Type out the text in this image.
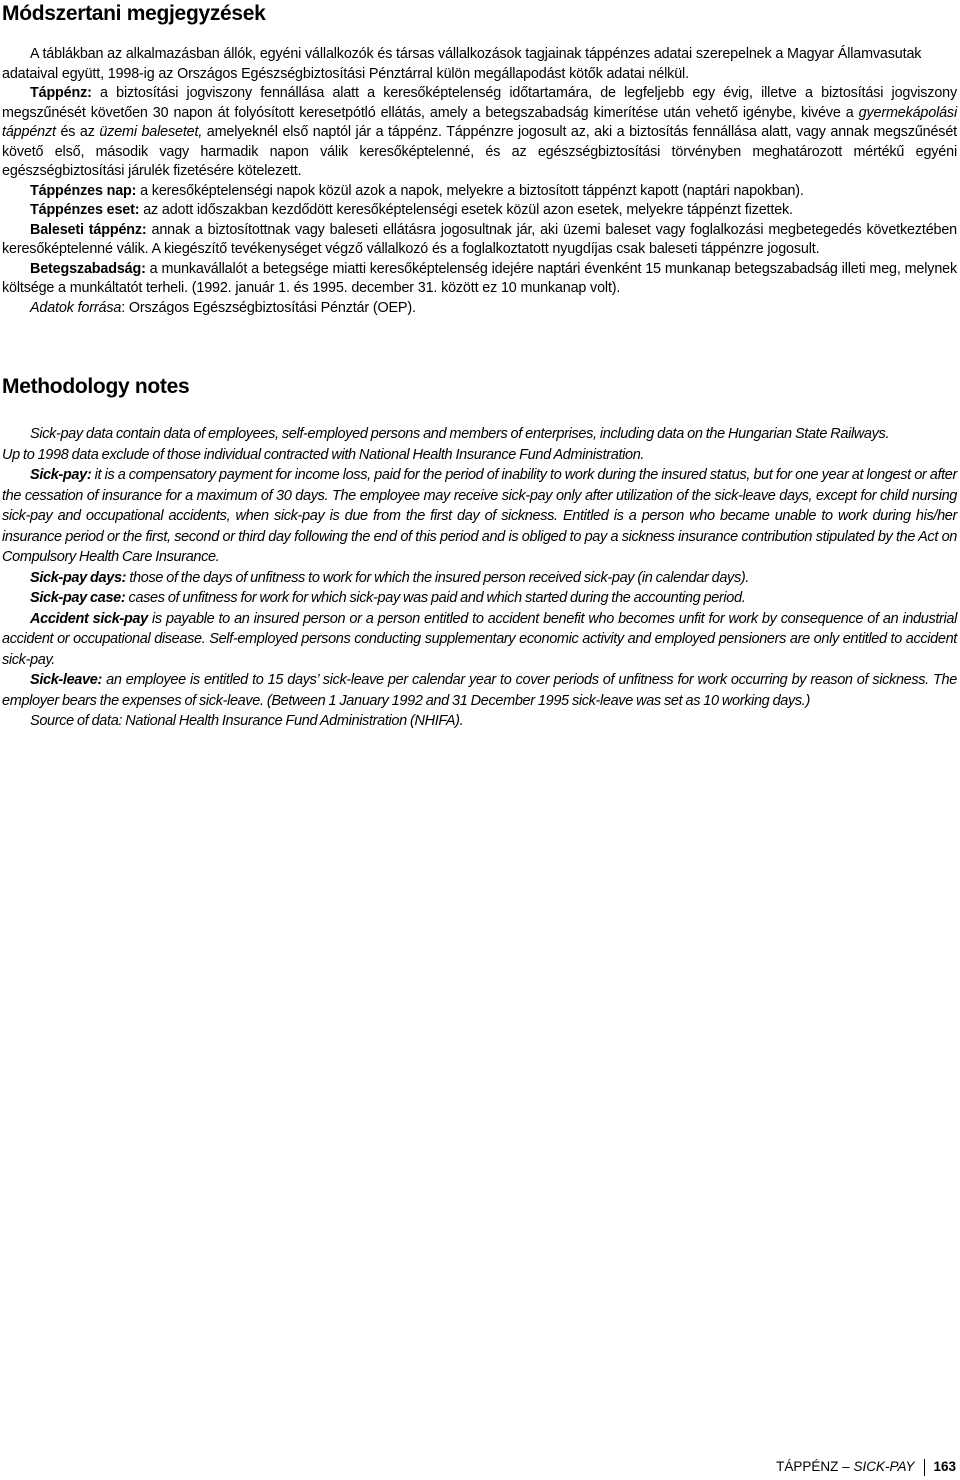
Módszertani megjegyzések

A táblákban az alkalmazásban állók, egyéni vállalkozók és társas vállalkozások tagjainak táppénzes adatai szerepelnek a Magyar Államvasutak

adataival együtt, 1998-ig az Országos Egészségbiztosítási Pénztárral külön megállapodást kötők adatai nélkül.

Táppénz: a biztosítási jogviszony fennállása alatt a keresőképtelenség időtartamára, de legfeljebb egy évig, illetve a biztosítási jogviszony megszűnését követően 30 napon át folyósított keresetpótló ellátás, amely a betegszabadság kimerítése után vehető igénybe, kivéve a gyermekápolási táppénzt és az üzemi balesetet, amelyeknél első naptól jár a táppénz. Táppénzre jogosult az, aki a biztosítás fennállása alatt, vagy annak megszűnését követő első, második vagy harmadik napon válik keresőképtelenné, és az egészségbiztosítási törvényben meghatározott mértékű egyéni egészségbiztosítási járulék fizetésére kötelezett.

Táppénzes nap: a keresőképtelenségi napok közül azok a napok, melyekre a biztosított táppénzt kapott (naptári napokban).

Táppénzes eset: az adott időszakban kezdődött keresőképtelenségi esetek közül azon esetek, melyekre táppénzt fizettek.

Baleseti táppénz: annak a biztosítottnak vagy baleseti ellátásra jogosultnak jár, aki üzemi baleset vagy foglalkozási megbetegedés következtében keresőképtelenné válik. A kiegészítő tevékenységet végző vállalkozó és a foglalkoztatott nyugdíjas csak baleseti táppénzre jogosult.

Betegszabadság: a munkavállalót a betegsége miatti keresőképtelenség idejére naptári évenként 15 munkanap betegszabadság illeti meg, melynek költsége a munkáltatót terheli. (1992. január 1. és 1995. december 31. között ez 10 munkanap volt).

Adatok forrása: Országos Egészségbiztosítási Pénztár (OEP).

Methodology notes

Sick-pay data contain data of employees, self-employed persons and members of enterprises, including data on the Hungarian State Railways.

Up to 1998 data exclude of those individual contracted with National Health Insurance Fund Administration.

Sick-pay: it is a compensatory payment for income loss, paid for the period of inability to work during the insured status, but for one year at longest or after the cessation of insurance for a maximum of 30 days. The employee may receive sick-pay only after utilization of the sick-leave days, except for child nursing sick-pay and occupational accidents, when sick-pay is due from the first day of sickness. Entitled is a person who became unable to work during his/her insurance period or the first, second or third day following the end of this period and is obliged to pay a sickness insurance contribution stipulated by the Act on Compulsory Health Care Insurance.

Sick-pay days: those of the days of unfitness to work for which the insured person received sick-pay (in calendar days).

Sick-pay case: cases of unfitness for work for which sick-pay was paid and which started during the accounting period.

Accident sick-pay is payable to an insured person or a person entitled to accident benefit who becomes unfit for work by consequence of an industrial accident or occupational disease. Self-employed persons conducting supplementary economic activity and employed pensioners are only entitled to accident sick-pay.

Sick-leave: an employee is entitled to 15 days’ sick-leave per calendar year to cover periods of unfitness for work occurring by reason of sickness. The employer bears the expenses of sick-leave. (Between 1 January 1992 and 31 December 1995 sick-leave was set as 10 working days.)

Source of data: National Health Insurance Fund Administration (NHIFA).

TÁPPÉNZ –
SICK-PAY 163
